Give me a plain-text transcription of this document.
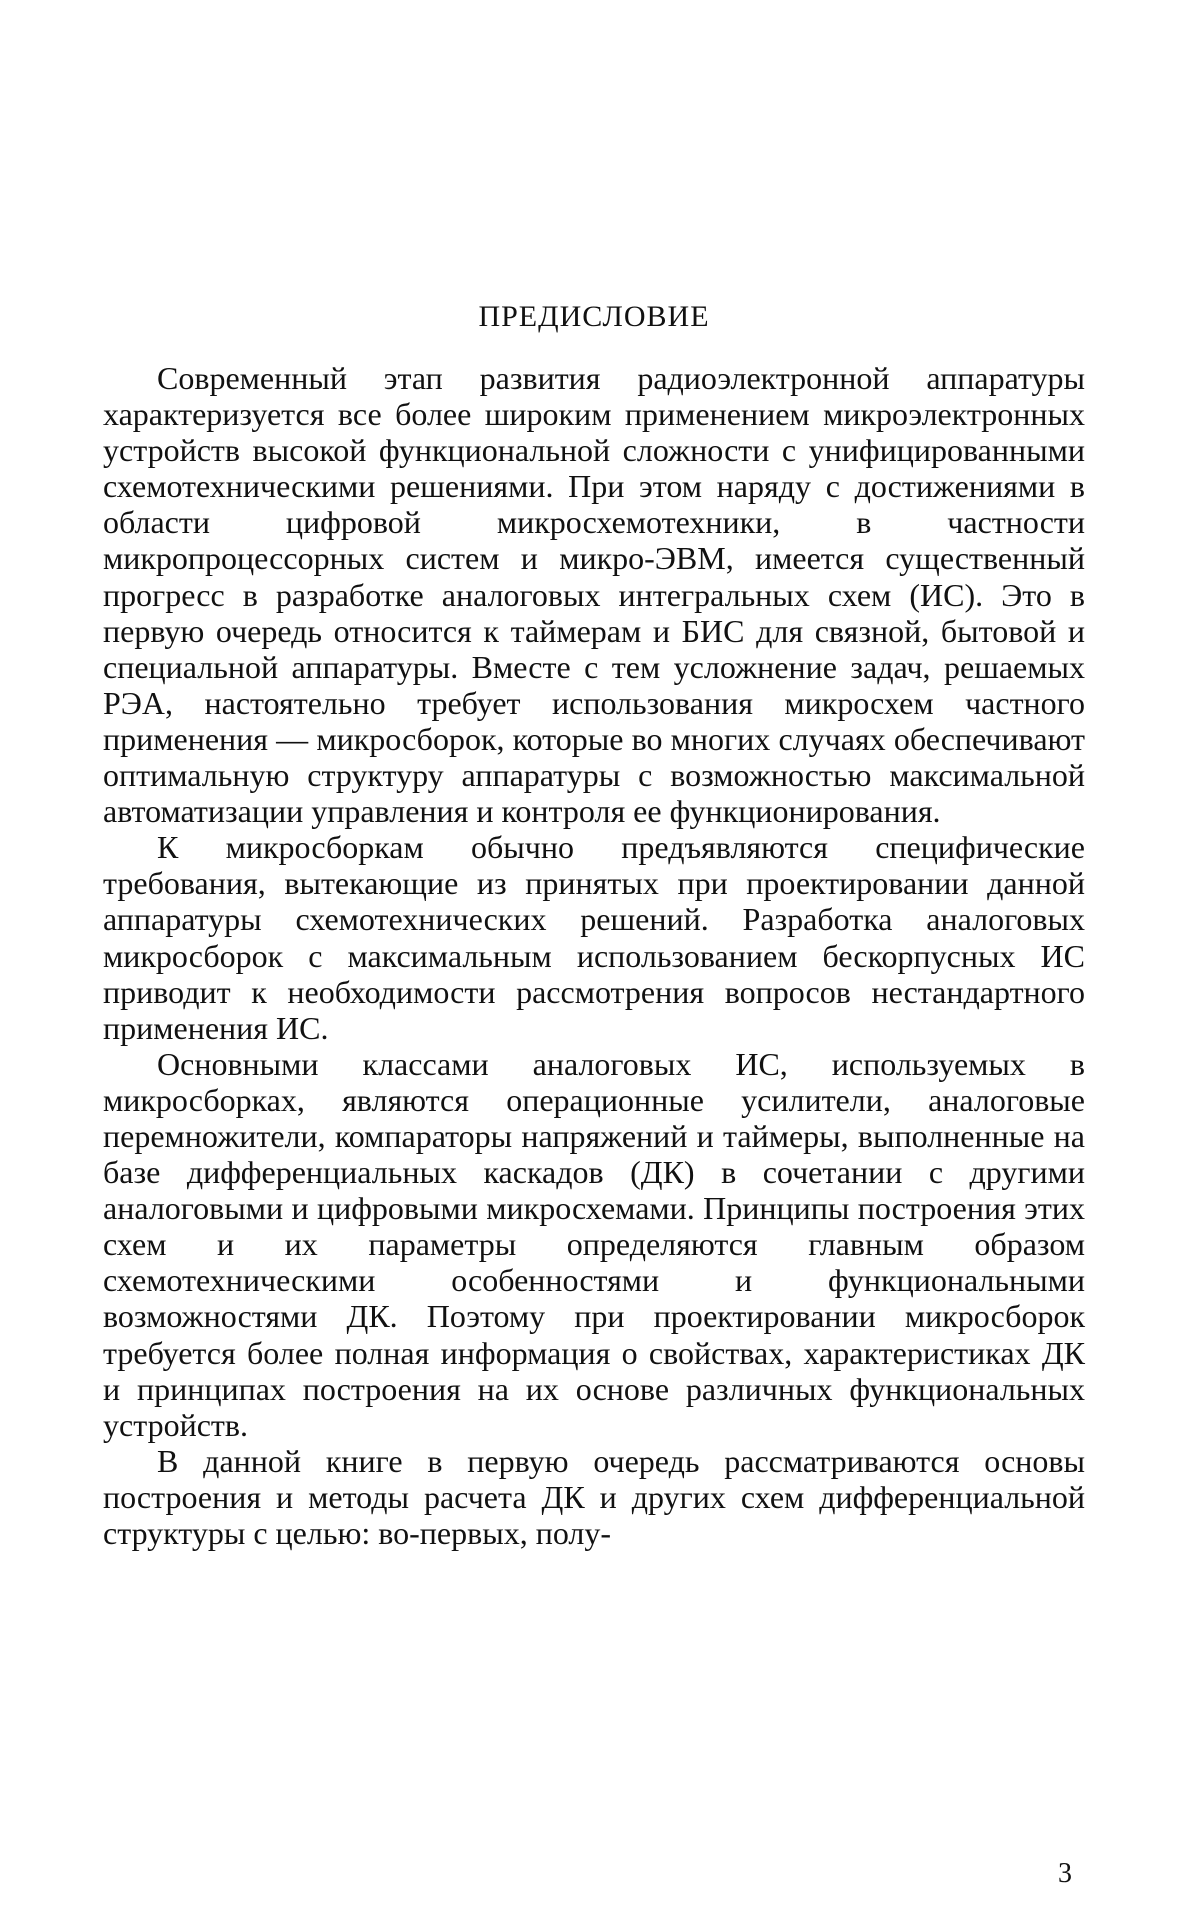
ПРЕДИСЛОВИЕ

Современный этап развития радиоэлектронной аппаратуры характеризуется все более широким применением микроэлектронных устройств высокой функциональной сложности с унифицированными схемотехническими решениями. При этом наряду с достижениями в области цифровой микросхемотехники, в частности микропроцессорных систем и микро-ЭВМ, имеется существенный прогресс в разработке аналоговых интегральных схем (ИС). Это в первую очередь относится к таймерам и БИС для связной, бытовой и специальной аппаратуры. Вместе с тем усложнение задач, решаемых РЭА, настоятельно требует использования микросхем частного применения — микросборок, которые во многих случаях обеспечивают оптимальную структуру аппаратуры с возможностью максимальной автоматизации управления и контроля ее функционирования.

К микросборкам обычно предъявляются специфические требования, вытекающие из принятых при проектировании данной аппаратуры схемотехнических решений. Разработка аналоговых микросборок с максимальным использованием бескорпусных ИС приводит к необходимости рассмотрения вопросов нестандартного применения ИС.

Основными классами аналоговых ИС, используемых в микросборках, являются операционные усилители, аналоговые перемножители, компараторы напряжений и таймеры, выполненные на базе дифференциальных каскадов (ДК) в сочетании с другими аналоговыми и цифровыми микросхемами. Принципы построения этих схем и их параметры определяются главным образом схемотехническими особенностями и функциональными возможностями ДК. Поэтому при проектировании микросборок требуется более полная информация о свойствах, характеристиках ДК и принципах построения на их основе различных функциональных устройств.

В данной книге в первую очередь рассматриваются основы построения и методы расчета ДК и других схем дифференциальной структуры с целью: во-первых, полу-

3
